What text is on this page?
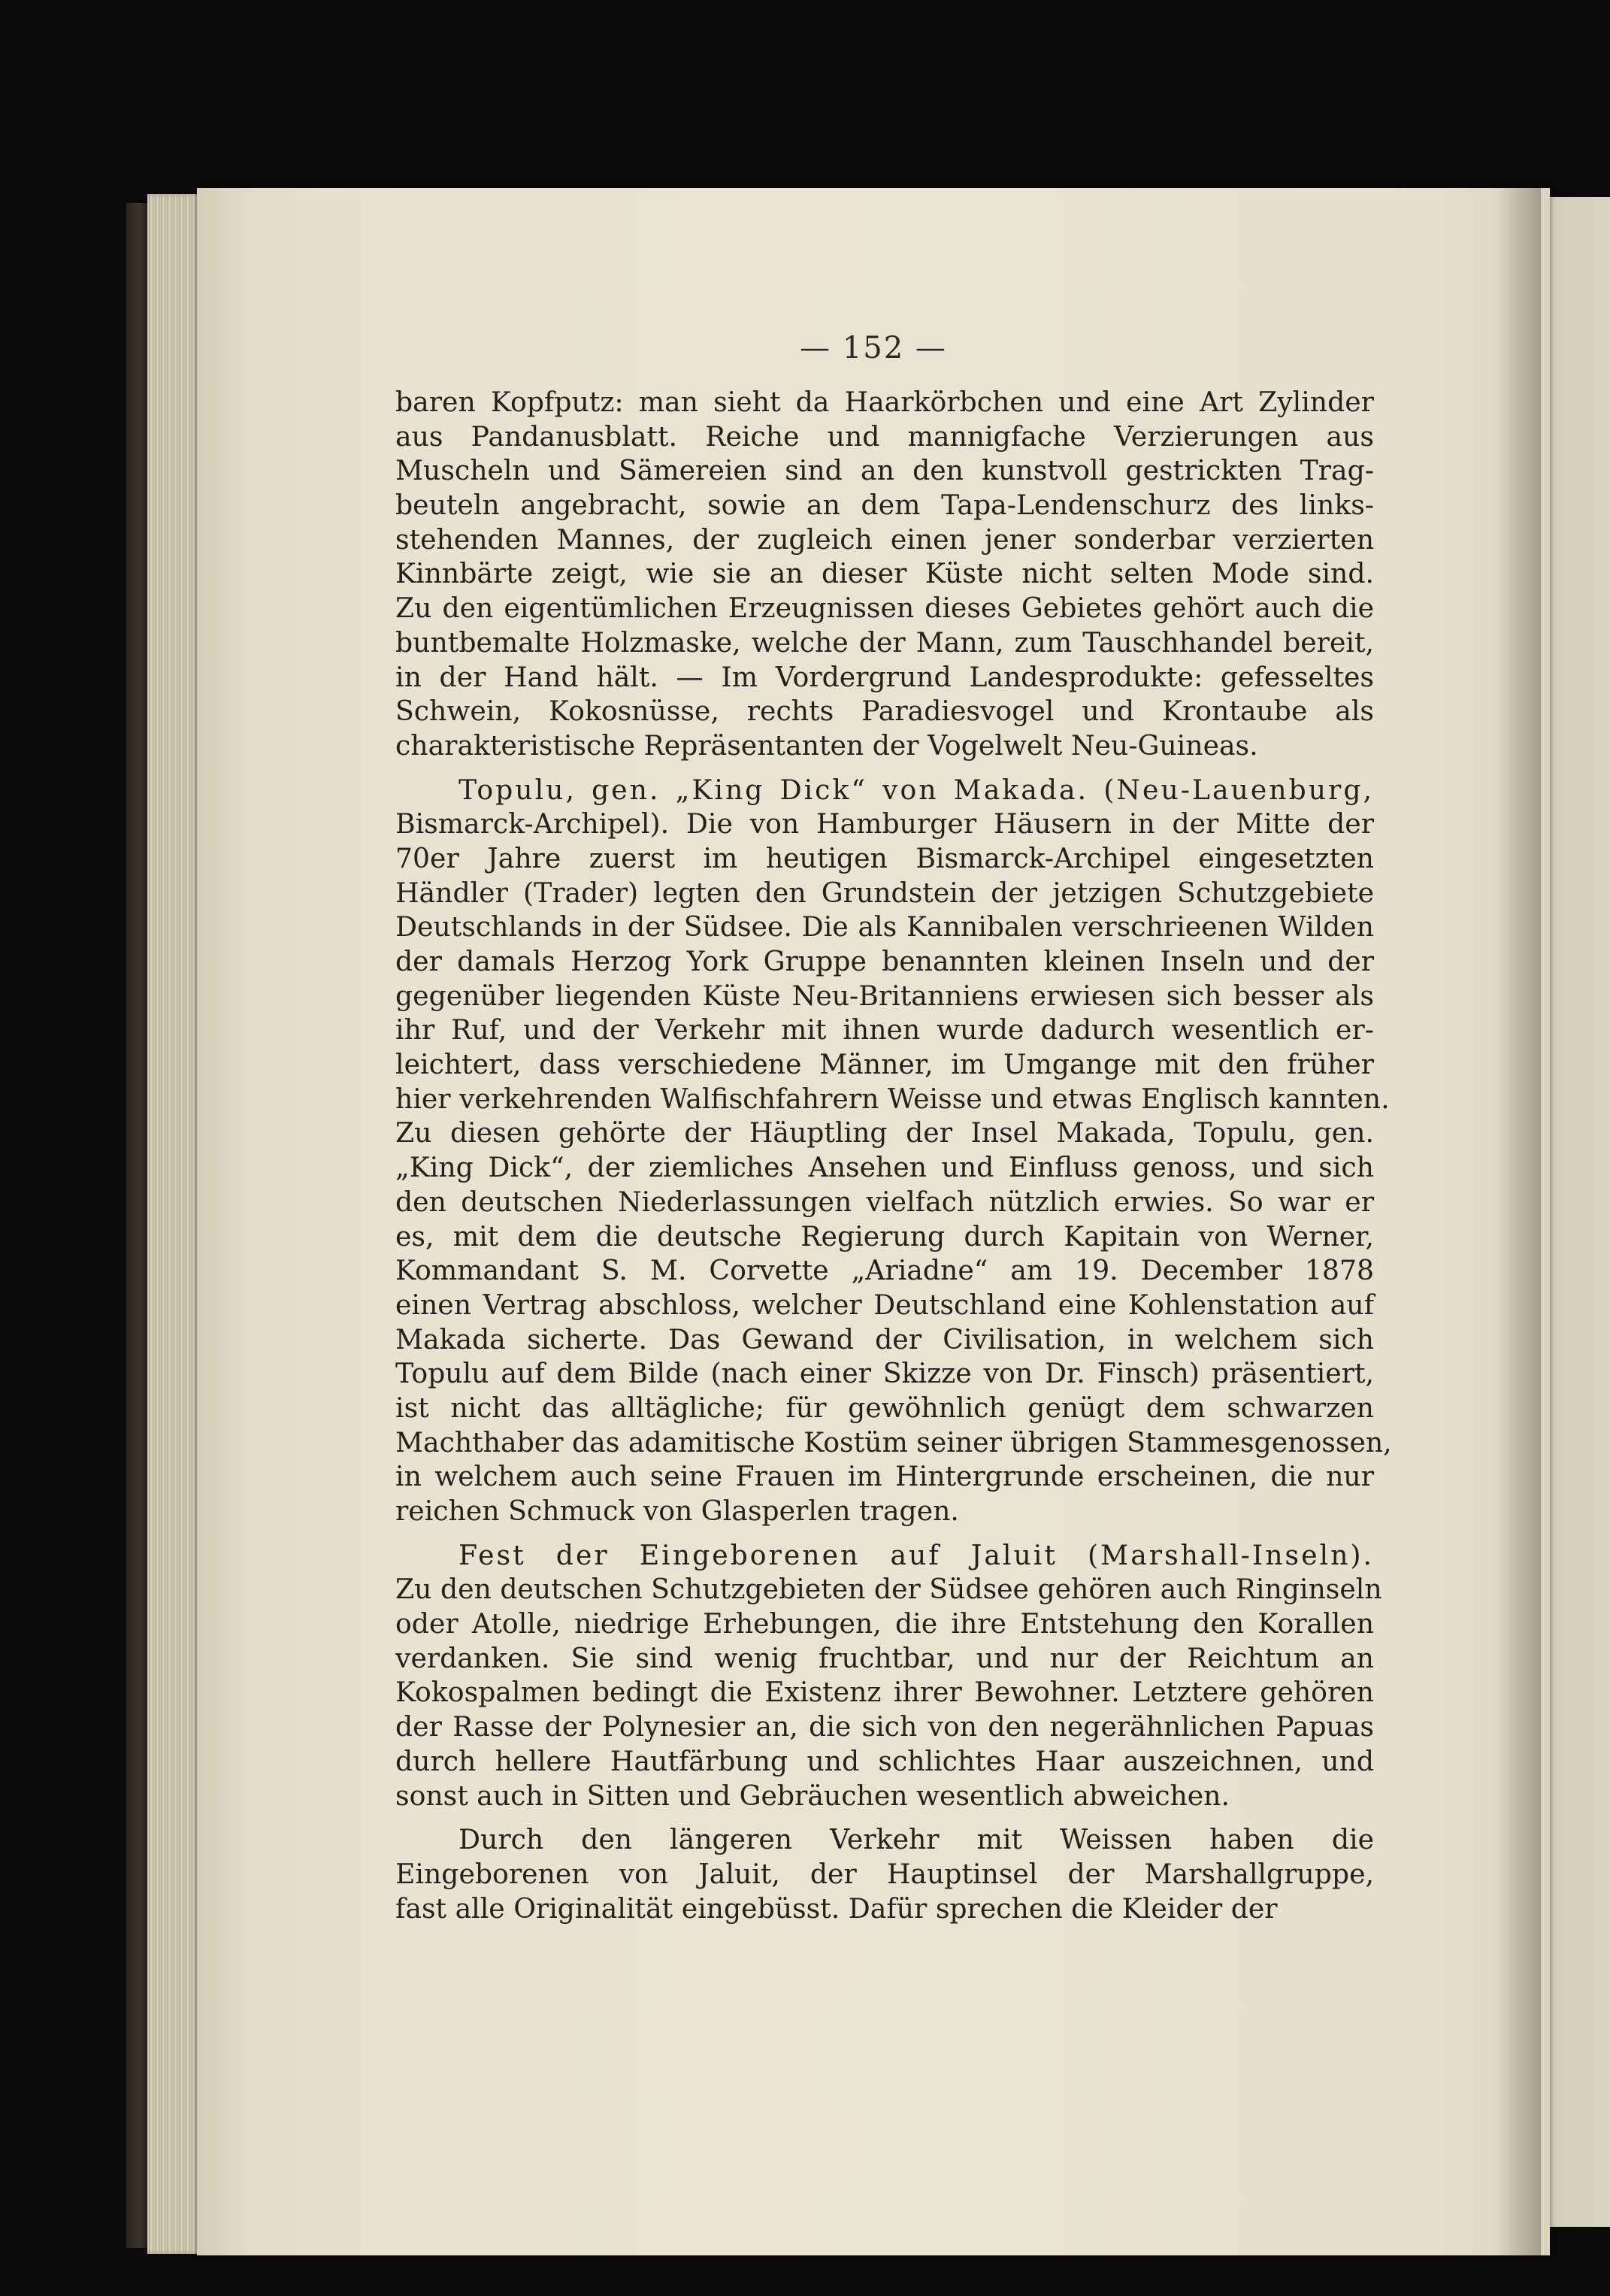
— 152 —
baren Kopfputz: man sieht da Haarkörbchen und eine Art Zylinder
aus Pandanusblatt. Reiche und mannigfache Verzierungen aus
Muscheln und Sämereien sind an den kunstvoll gestrickten Trag-
beuteln angebracht, sowie an dem Tapa-Lendenschurz des links-
stehenden Mannes, der zugleich einen jener sonderbar verzierten
Kinnbärte zeigt, wie sie an dieser Küste nicht selten Mode sind.
Zu den eigentümlichen Erzeugnissen dieses Gebietes gehört auch die
buntbemalte Holzmaske, welche der Mann, zum Tauschhandel bereit,
in der Hand hält. — Im Vordergrund Landesprodukte: gefesseltes
Schwein, Kokosnüsse, rechts Paradiesvogel und Krontaube als
charakteristische Repräsentanten der Vogelwelt Neu-Guineas.
Topulu, gen. „King Dick“ von Makada. (Neu-Lauenburg,
Bismarck-Archipel). Die von Hamburger Häusern in der Mitte der
70er Jahre zuerst im heutigen Bismarck-Archipel eingesetzten
Händler (Trader) legten den Grundstein der jetzigen Schutzgebiete
Deutschlands in der Südsee. Die als Kannibalen verschrieenen Wilden
der damals Herzog York Gruppe benannten kleinen Inseln und der
gegenüber liegenden Küste Neu-Britanniens erwiesen sich besser als
ihr Ruf, und der Verkehr mit ihnen wurde dadurch wesentlich er-
leichtert, dass verschiedene Männer, im Umgange mit den früher
hier verkehrenden Walfischfahrern Weisse und etwas Englisch kannten.
Zu diesen gehörte der Häuptling der Insel Makada, Topulu, gen.
„King Dick“, der ziemliches Ansehen und Einfluss genoss, und sich
den deutschen Niederlassungen vielfach nützlich erwies. So war er
es, mit dem die deutsche Regierung durch Kapitain von Werner,
Kommandant S. M. Corvette „Ariadne“ am 19. December 1878
einen Vertrag abschloss, welcher Deutschland eine Kohlenstation auf
Makada sicherte. Das Gewand der Civilisation, in welchem sich
Topulu auf dem Bilde (nach einer Skizze von Dr. Finsch) präsentiert,
ist nicht das alltägliche; für gewöhnlich genügt dem schwarzen
Machthaber das adamitische Kostüm seiner übrigen Stammesgenossen,
in welchem auch seine Frauen im Hintergrunde erscheinen, die nur
reichen Schmuck von Glasperlen tragen.
Fest der Eingeborenen auf Jaluit (Marshall-Inseln).
Zu den deutschen Schutzgebieten der Südsee gehören auch Ringinseln
oder Atolle, niedrige Erhebungen, die ihre Entstehung den Korallen
verdanken. Sie sind wenig fruchtbar, und nur der Reichtum an
Kokospalmen bedingt die Existenz ihrer Bewohner. Letztere gehören
der Rasse der Polynesier an, die sich von den negerähnlichen Papuas
durch hellere Hautfärbung und schlichtes Haar auszeichnen, und
sonst auch in Sitten und Gebräuchen wesentlich abweichen.
Durch den längeren Verkehr mit Weissen haben die
Eingeborenen von Jaluit, der Hauptinsel der Marshallgruppe,
fast alle Originalität eingebüsst. Dafür sprechen die Kleider der
